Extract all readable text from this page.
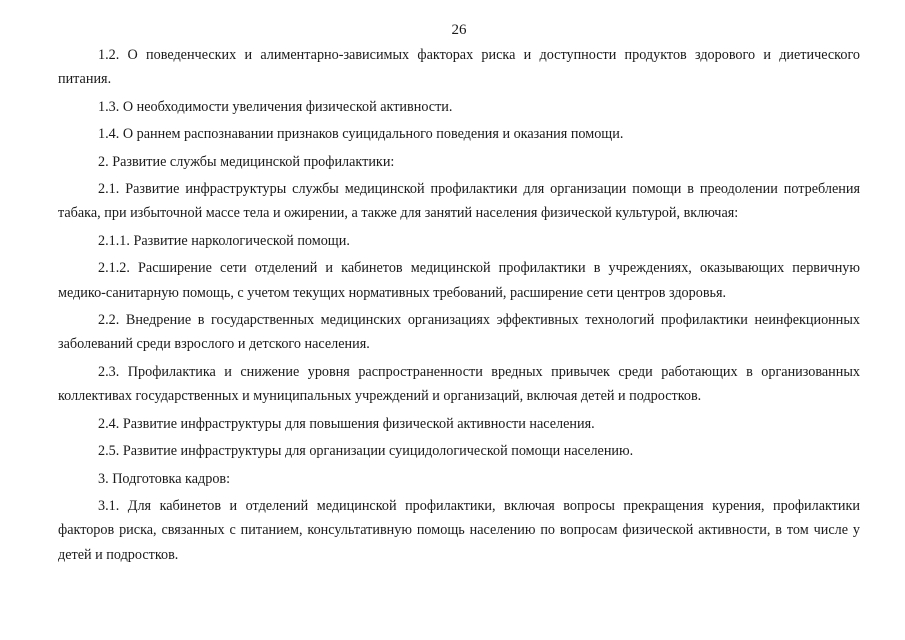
26

1.2. О поведенческих и алиментарно-зависимых факторах риска и доступности продуктов здорового и диетического питания.

1.3. О необходимости увеличения физической активности.

1.4. О раннем распознавании признаков суицидального поведения и оказания помощи.

2. Развитие службы медицинской профилактики:

2.1. Развитие инфраструктуры службы медицинской профилактики для организации помощи в преодолении потребления табака, при избыточной массе тела и ожирении, а также для занятий населения физической культурой, включая:

2.1.1. Развитие наркологической помощи.

2.1.2. Расширение сети отделений и кабинетов медицинской профилактики в учреждениях, оказывающих первичную медико-санитарную помощь, с учетом текущих нормативных требований, расширение сети центров здоровья.

2.2. Внедрение в государственных медицинских организациях эффективных технологий профилактики неинфекционных заболеваний среди взрослого и детского населения.

2.3. Профилактика и снижение уровня распространенности вредных привычек среди работающих в организованных коллективах государственных и муниципальных учреждений и организаций, включая детей и подростков.

2.4. Развитие инфраструктуры для повышения физической активности населения.

2.5. Развитие инфраструктуры для организации суицидологической помощи населению.

3. Подготовка кадров:

3.1. Для кабинетов и отделений медицинской профилактики, включая вопросы прекращения курения, профилактики факторов риска, связанных с питанием, консультативную помощь населению по вопросам физической активности, в том числе у детей и подростков.
